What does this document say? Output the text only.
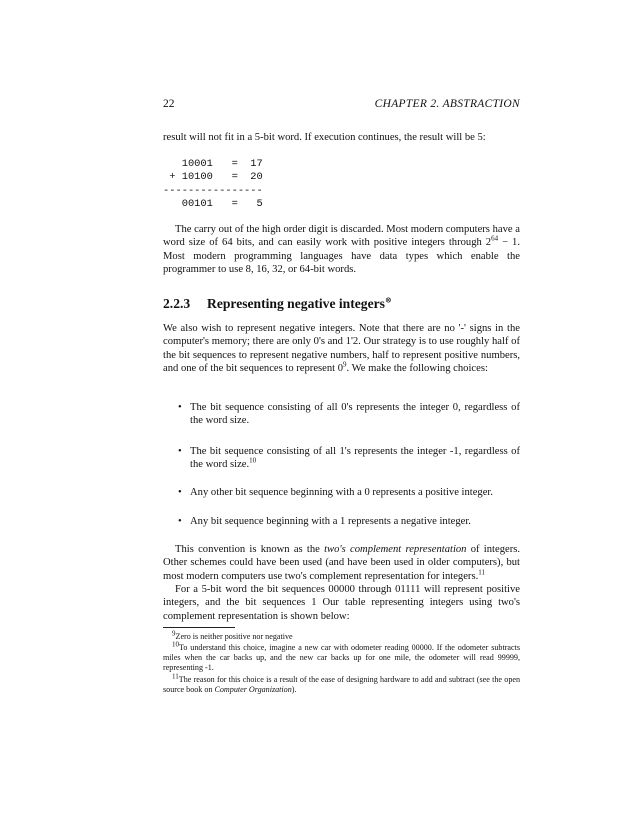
22	CHAPTER 2. ABSTRACTION
result will not fit in a 5-bit word. If execution continues, the result will be 5:
10001   =  17
+ 10100   =  20
----------------
00101   =   5
The carry out of the high order digit is discarded. Most modern computers have a word size of 64 bits, and can easily work with positive integers through $2^{64} - 1$. Most modern programming languages have data types which enable the programmer to use 8, 16, 32, or 64-bit words.
2.2.3 Representing negative integers⊗
We also wish to represent negative integers. Note that there are no '-' signs in the computer's memory; there are only 0's and 1'2. Our strategy is to use roughly half of the bit sequences to represent negative numbers, half to represent positive numbers, and one of the bit sequences to represent $0^9$. We make the following choices:
• The bit sequence consisting of all 0's represents the integer 0, regardless of the word size.
• The bit sequence consisting of all 1's represents the integer -1, regardless of the word size.$^{10}$
• Any other bit sequence beginning with a 0 represents a positive integer.
• Any bit sequence beginning with a 1 represents a negative integer.
This convention is known as the two's complement representation of integers. Other schemes could have been used (and have been used in older computers), but most modern computers use two's complement representation for integers.$^{11}$
For a 5-bit word the bit sequences 00000 through 01111 will represent positive integers, and the bit sequences 1 Our table representing integers using two's complement representation is shown below:
$^9$Zero is neither positive nor negative
$^{10}$To understand this choice, imagine a new car with odometer reading 00000. If the odometer subtracts miles when the car backs up, and the new car backs up for one mile, the odometer will read 99999, representing -1.
$^{11}$The reason for this choice is a result of the ease of designing hardware to add and subtract (see the open source book on Computer Organization).
